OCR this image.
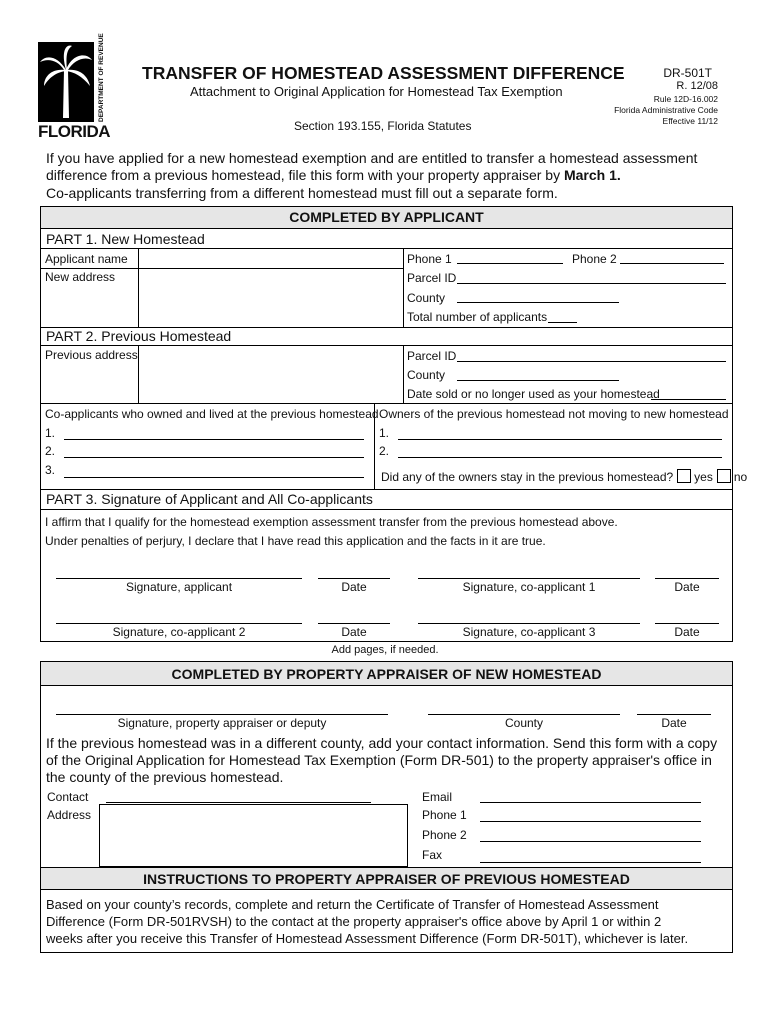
DEPARTMENT OF REVENUE
FLORIDA
TRANSFER OF HOMESTEAD ASSESSMENT DIFFERENCE
Attachment to Original Application for Homestead Tax Exemption
Section 193.155, Florida Statutes
DR-501T
R. 12/08
Rule 12D-16.002
Florida Administrative Code
Effective 11/12
If you have applied for a new homestead exemption and are entitled to transfer a homestead assessment
difference from a previous homestead, file this form with your property appraiser by March 1.
Co-applicants transferring from a different homestead must fill out a separate form.
COMPLETED BY APPLICANT
PART 1. New Homestead
Applicant name
New address
Phone 1	Phone 2
Parcel ID
County
Total number of applicants
PART 2. Previous Homestead
Previous address	Parcel ID
County
Date sold or no longer used as your homestead
Co-applicants who owned and lived at the previous homestead
1.
2.
3.
Owners of the previous homestead not moving to new homestead
1.
2.
Did any of the owners stay in the previous homestead? yes no
PART 3. Signature of Applicant and All Co-applicants
I affirm that I qualify for the homestead exemption assessment transfer from the previous homestead above.
Under penalties of perjury, I declare that I have read this application and the facts in it are true.
Signature, applicant	Date	Signature, co-applicant 1	Date
Signature, co-applicant 2	Date	Signature, co-applicant 3	Date
Add pages, if needed.
COMPLETED BY PROPERTY APPRAISER OF NEW HOMESTEAD
Signature, property appraiser or deputy	County	Date
If the previous homestead was in a different county, add your contact information. Send this form with a copy
of the Original Application for Homestead Tax Exemption (Form DR-501) to the property appraiser's office in
the county of the previous homestead.
Contact
Address
Email
Phone 1
Phone 2
Fax
INSTRUCTIONS TO PROPERTY APPRAISER OF PREVIOUS HOMESTEAD
Based on your county’s records, complete and return the Certificate of Transfer of Homestead Assessment
Difference (Form DR-501RVSH) to the contact at the property appraiser's office above by April 1 or within 2
weeks after you receive this Transfer of Homestead Assessment Difference (Form DR-501T), whichever is later.
